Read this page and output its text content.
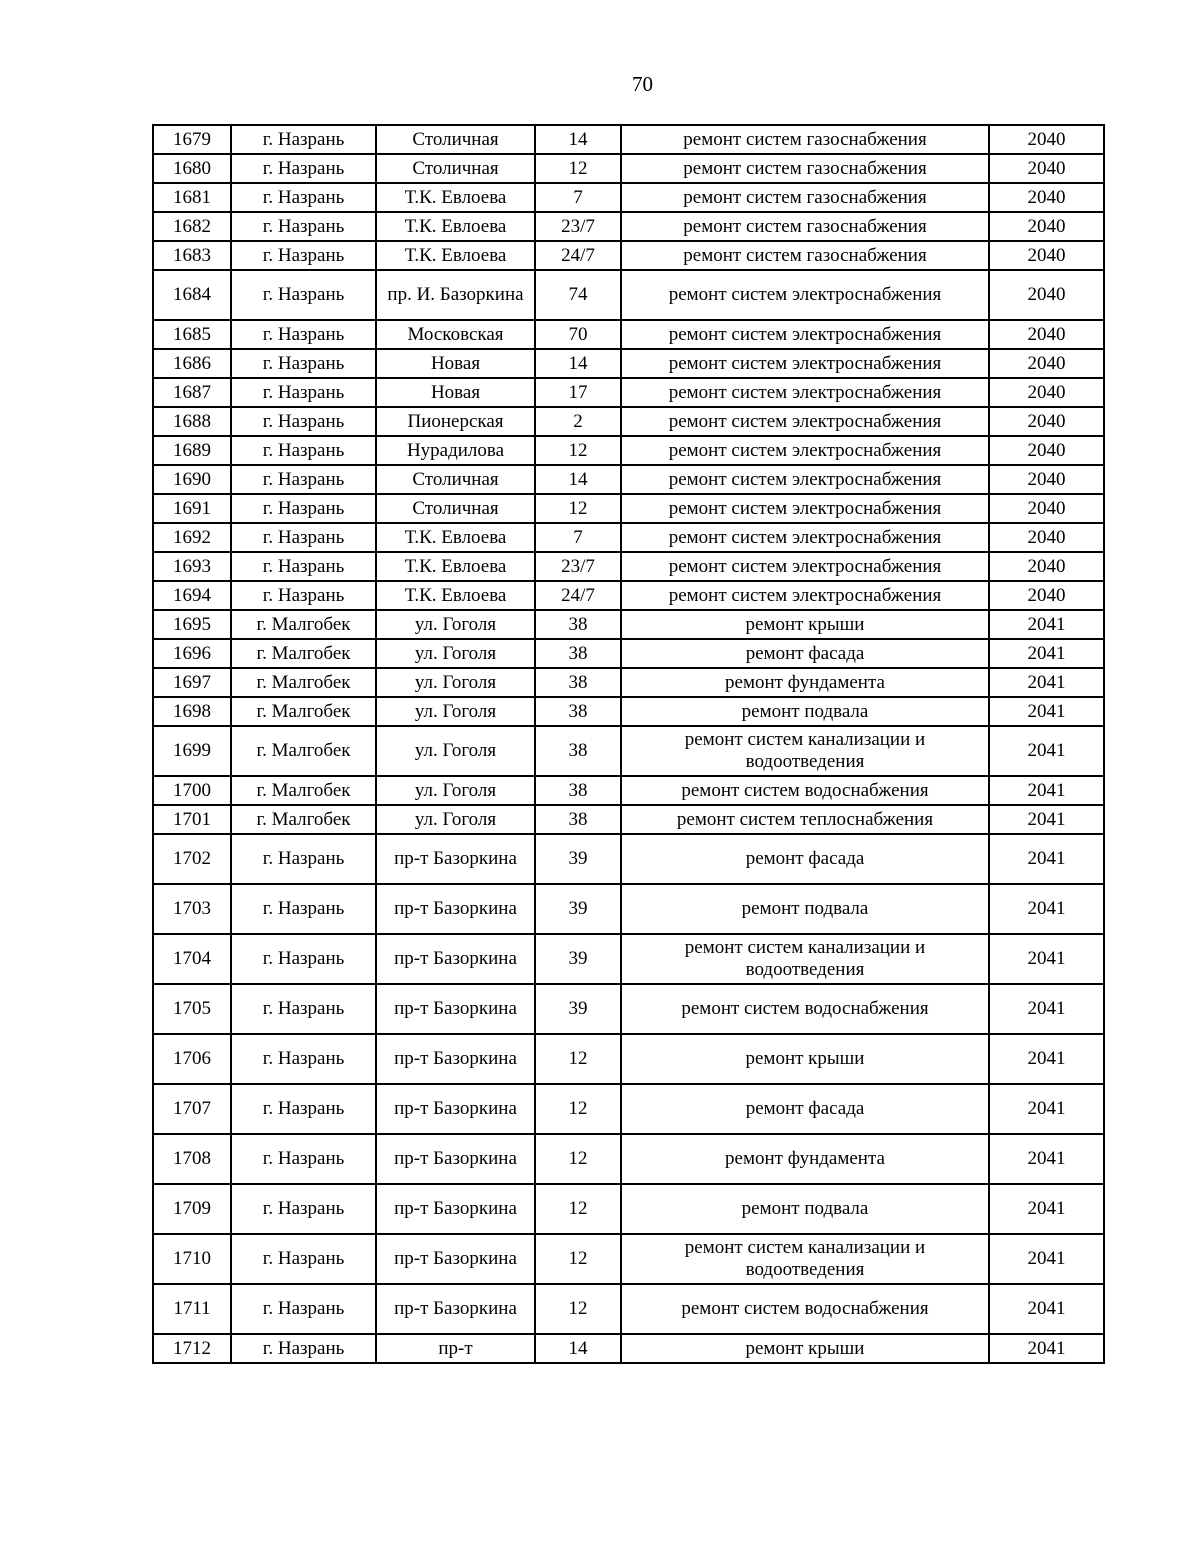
70
1679	г. Назрань	Столичная	14	ремонт систем газоснабжения	2040
1680	г. Назрань	Столичная	12	ремонт систем газоснабжения	2040
1681	г. Назрань	Т.К. Евлоева	7	ремонт систем газоснабжения	2040
1682	г. Назрань	Т.К. Евлоева	23/7	ремонт систем газоснабжения	2040
1683	г. Назрань	Т.К. Евлоева	24/7	ремонт систем газоснабжения	2040
1684	г. Назрань	пр. И. Базоркина	74	ремонт систем электроснабжения	2040
1685	г. Назрань	Московская	70	ремонт систем электроснабжения	2040
1686	г. Назрань	Новая	14	ремонт систем электроснабжения	2040
1687	г. Назрань	Новая	17	ремонт систем электроснабжения	2040
1688	г. Назрань	Пионерская	2	ремонт систем электроснабжения	2040
1689	г. Назрань	Нурадилова	12	ремонт систем электроснабжения	2040
1690	г. Назрань	Столичная	14	ремонт систем электроснабжения	2040
1691	г. Назрань	Столичная	12	ремонт систем электроснабжения	2040
1692	г. Назрань	Т.К. Евлоева	7	ремонт систем электроснабжения	2040
1693	г. Назрань	Т.К. Евлоева	23/7	ремонт систем электроснабжения	2040
1694	г. Назрань	Т.К. Евлоева	24/7	ремонт систем электроснабжения	2040
1695	г. Малгобек	ул. Гоголя	38	ремонт крыши	2041
1696	г. Малгобек	ул. Гоголя	38	ремонт фасада	2041
1697	г. Малгобек	ул. Гоголя	38	ремонт фундамента	2041
1698	г. Малгобек	ул. Гоголя	38	ремонт подвала	2041
1699	г. Малгобек	ул. Гоголя	38	ремонт систем канализации и водоотведения	2041
1700	г. Малгобек	ул. Гоголя	38	ремонт систем водоснабжения	2041
1701	г. Малгобек	ул. Гоголя	38	ремонт систем теплоснабжения	2041
1702	г. Назрань	пр-т Базоркина	39	ремонт фасада	2041
1703	г. Назрань	пр-т Базоркина	39	ремонт подвала	2041
1704	г. Назрань	пр-т Базоркина	39	ремонт систем канализации и водоотведения	2041
1705	г. Назрань	пр-т Базоркина	39	ремонт систем водоснабжения	2041
1706	г. Назрань	пр-т Базоркина	12	ремонт крыши	2041
1707	г. Назрань	пр-т Базоркина	12	ремонт фасада	2041
1708	г. Назрань	пр-т Базоркина	12	ремонт фундамента	2041
1709	г. Назрань	пр-т Базоркина	12	ремонт подвала	2041
1710	г. Назрань	пр-т Базоркина	12	ремонт систем канализации и водоотведения	2041
1711	г. Назрань	пр-т Базоркина	12	ремонт систем водоснабжения	2041
1712	г. Назрань	пр-т	14	ремонт крыши	2041
